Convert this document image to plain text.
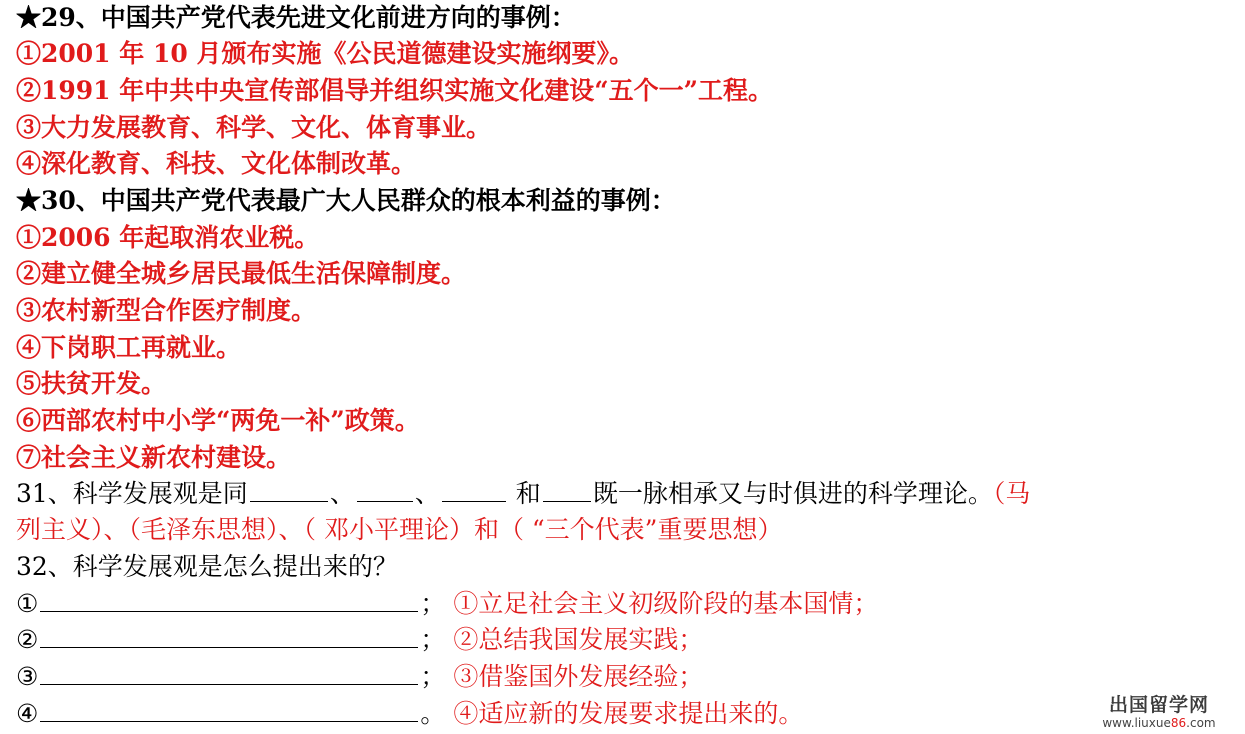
★29、中国共产党代表先进文化前进方向的事例：
①2001 年 10 月颁布实施《公民道德建设实施纲要》。
②1991 年中共中央宣传部倡导并组织实施文化建设“五个一”工程。
③大力发展教育、科学、文化、体育事业。
④深化教育、科技、文化体制改革。
★30、中国共产党代表最广大人民群众的根本利益的事例：
①2006 年起取消农业税。
②建立健全城乡居民最低生活保障制度。
③农村新型合作医疗制度。
④下岗职工再就业。
⑤扶贫开发。
⑥西部农村中小学“两免一补”政策。
⑦社会主义新农村建设。
31、科学发展观是同	、 、	和 既一脉相承又与时俱进的科学理论。（马
列主义）、（毛泽东思想）、（ 邓小平理论）和（ “三个代表”重要思想）
32、科学发展观是怎么提出来的？
①	； ①立足社会主义初级阶段的基本国情；
②	； ②总结我国发展实践；
③	； ③借鉴国外发展经验；
④	。 ④适应新的发展要求提出来的。	出国留学网
www.liuxue86.com
